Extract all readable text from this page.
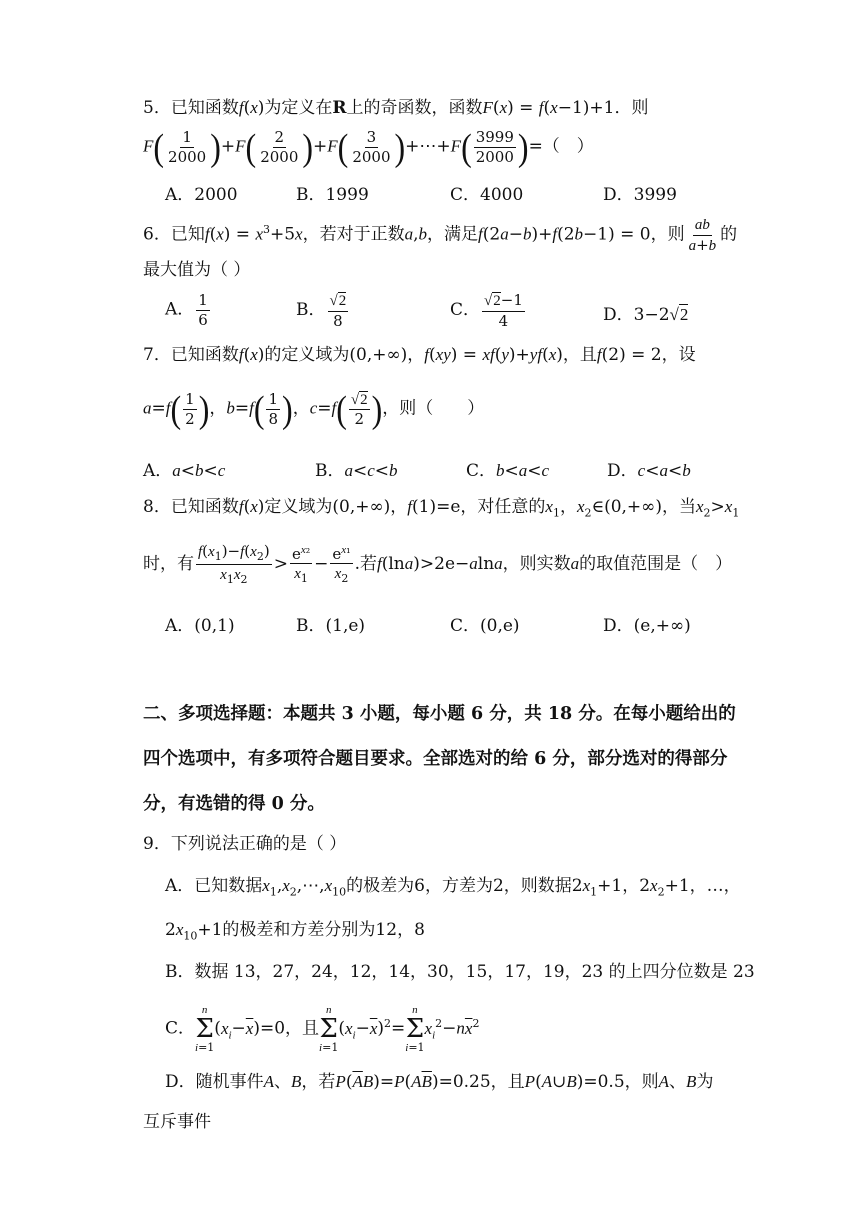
5．已知函数f(x)为定义在R上的奇函数，函数F(x) = f(x−1)+1．则
$F( \frac{1}{2000} )+F( \frac{2}{2000} )+F( \frac{3}{2000}$ )+⋯+F( $\frac{3999}{2000}$ )=（　）
A．2000	B．1999	C．4000	D．3999
6．已知$f(x) = x^3+5x$，若对于正数a,b，满足f(2a−b)+f(2b−1) = 0，则 $\frac{ab}{a+b}$ 的
最大值为（ ）
A． $\frac{1}{6}$	B． $\frac{√2}{8}$	C． $\frac{√2-1}{4}$	D．3−2√2
7．已知函数f(x)的定义域为(0,+∞)，f(xy) = xf(y)+yf(x)，且f(2) = 2，设
$a=f( \frac{1}{2}$ )，$b=f( \frac{1}{8}$ )，$c=f( \frac{√2}{2}$ )，则（　　）
A．a<b<c	B．a<c<b	C．b<a<c	D．c<a<b
8．已知函数f(x)定义域为(0,+∞)，f(1)=e，对任意的$x_1$，$x_2\in(0,+\infty)$，当$x_2>x_1$
时，有 $\frac{f(x_1)-f(x_2)}{x_1x_2} > \frac{e^{x_2}}{x_1} - \frac{e^{x_1}}{x_2}$ .若f(lna)>2e−alna，则实数a的取值范围是（　）
A．(0,1)	B．(1,e)	C．(0,e)	D．(e,+∞)
二、多项选择题：本题共 3 小题，每小题 6 分，共 18 分。在每小题给出的
四个选项中，有多项符合题目要求。全部选对的给 6 分，部分选对的得部分
分，有选错的得 0 分。
9．下列说法正确的是（ ）
A．已知数据$x_1,x_2,\cdots,x_{10}$的极差为6，方差为2，则数据$2x_1+1$，$2x_2+1$，…，
$2x_{10}+1$的极差和方差分别为12，8
B．数据 13，27，24，12，14，30，15，17，19，23 的上四分位数是 23
C．
n
Σ
i=1
$(x_i-\overline{x})=0$，且
n
Σ
i=1
$(x_i-\overline{x})^2=$
n
Σ
i=1
$x_i^2-n\overline{x}^2$
D．随机事件A、B，若$P(\overline{A}B)=P(A\overline{B})=0.25$，且P(A∪B)=0.5，则A、B为
互斥事件
